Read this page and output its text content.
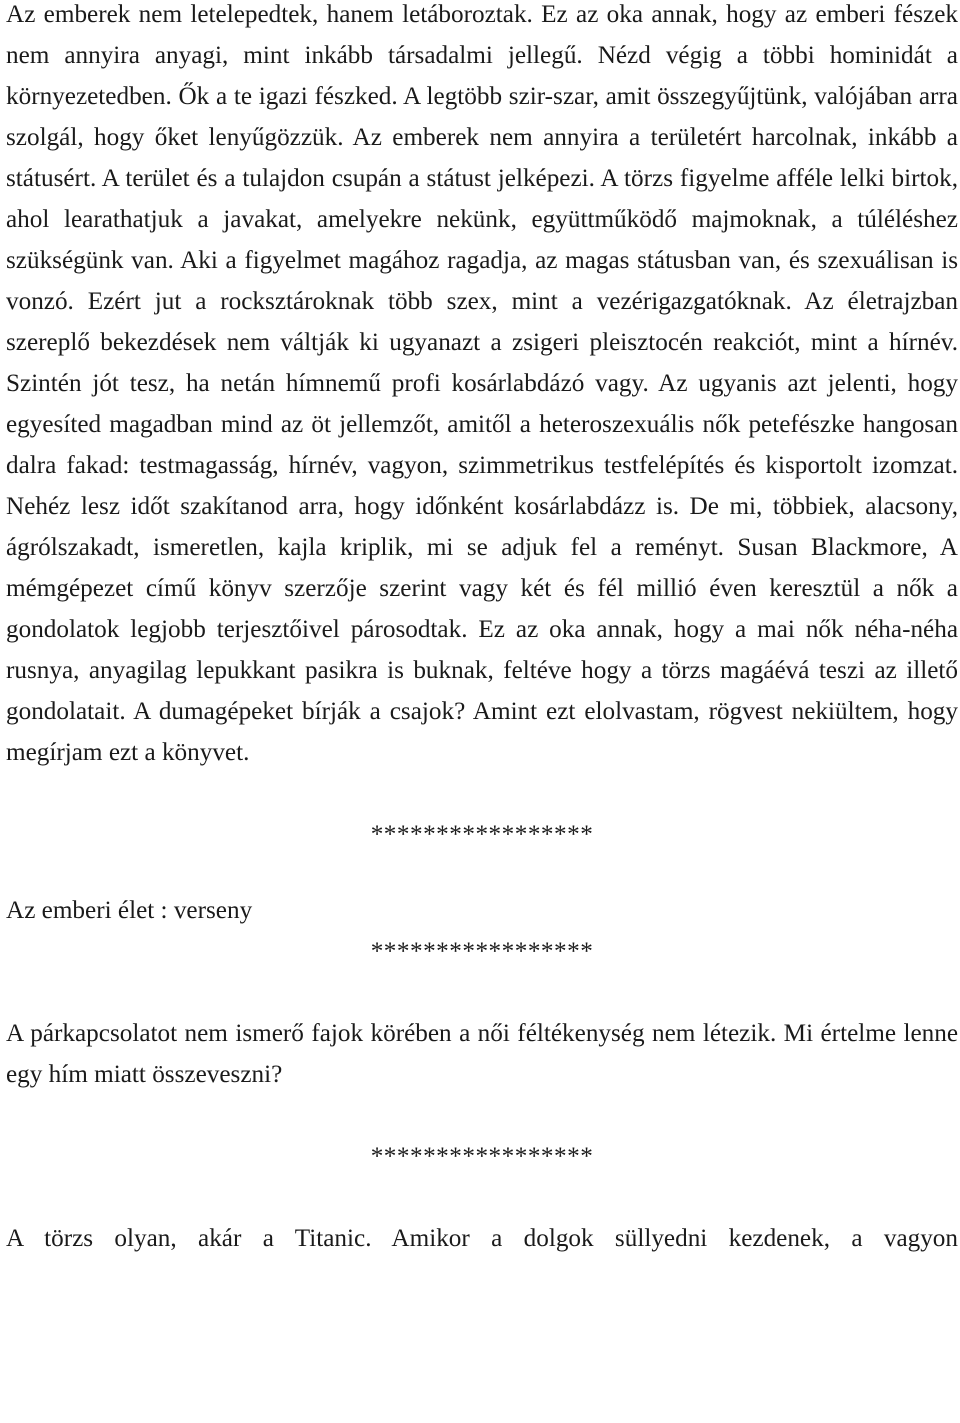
Az emberek nem letelepedtek, hanem letáboroztak. Ez az oka annak, hogy az emberi fészek nem annyira anyagi, mint inkább társadalmi jellegű. Nézd végig a többi hominidát a környezetedben. Ők a te igazi fészked. A legtöbb szir-szar, amit összegyűjtünk, valójában arra szolgál, hogy őket lenyűgözzük. Az emberek nem annyira a területért harcolnak, inkább a státusért. A terület és a tulajdon csupán a státust jelképezi. A törzs figyelme afféle lelki birtok, ahol learathatjuk a javakat, amelyekre nekünk, együttműködő majmoknak, a túléléshez szükségünk van. Aki a figyelmet magához ragadja, az magas státusban van, és szexuálisan is vonzó. Ezért jut a rocksztároknak több szex, mint a vezérigazgatóknak. Az életrajzban szereplő bekezdések nem váltják ki ugyanazt a zsigeri pleisztocén reakciót, mint a hírnév. Szintén jót tesz, ha netán hímnemű profi kosárlabdázó vagy. Az ugyanis azt jelenti, hogy egyesíted magadban mind az öt jellemzőt, amitől a heteroszexuális nők petefészke hangosan dalra fakad: testmagasság, hírnév, vagyon, szimmetrikus testfelépítés és kisportolt izomzat. Nehéz lesz időt szakítanod arra, hogy időnként kosárlabdázz is. De mi, többiek, alacsony, ágrólszakadt, ismeretlen, kajla kriplik, mi se adjuk fel a reményt. Susan Blackmore, A mémgépezet című könyv szerzője szerint vagy két és fél millió éven keresztül a nők a gondolatok legjobb terjesztőivel párosodtak. Ez az oka annak, hogy a mai nők néha-néha rusnya, anyagilag lepukkant pasikra is buknak, feltéve hogy a törzs magáévá teszi az illető gondolatait. A dumagépeket bírják a csajok? Amint ezt elolvastam, rögvest nekiültem, hogy megírjam ezt a könyvet.

*****************

Az emberi élet : verseny

*****************

A párkapcsolatot nem ismerő fajok körében a női féltékenység nem létezik. Mi értelme lenne egy hím miatt összeveszni?

*****************

A törzs olyan, akár a Titanic. Amikor a dolgok süllyedni kezdenek, a vagyon
